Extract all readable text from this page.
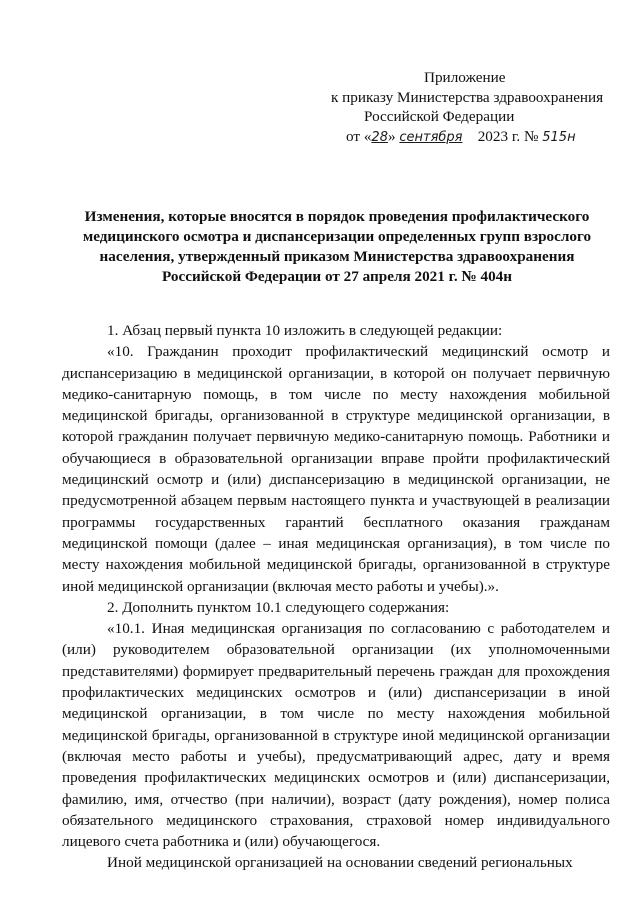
Приложение
к приказу Министерства здравоохранения
Российской Федерации
от «28» сентября 2023 г. № 515н
Изменения, которые вносятся в порядок проведения профилактического
медицинского осмотра и диспансеризации определенных групп взрослого
населения, утвержденный приказом Министерства здравоохранения
Российской Федерации от 27 апреля 2021 г. № 404н

1. Абзац первый пункта 10 изложить в следующей редакции:

«10. Гражданин проходит профилактический медицинский осмотр и диспансеризацию в медицинской организации, в которой он получает первичную медико-санитарную помощь, в том числе по месту нахождения мобильной медицинской бригады, организованной в структуре медицинской организации, в которой гражданин получает первичную медико-санитарную помощь. Работники и обучающиеся в образовательной организации вправе пройти профилактический медицинский осмотр и (или) диспансеризацию в медицинской организации, не предусмотренной абзацем первым настоящего пункта и участвующей в реализации программы государственных гарантий бесплатного оказания гражданам медицинской помощи (далее – иная медицинская организация), в том числе по месту нахождения мобильной медицинской бригады, организованной в структуре иной медицинской организации (включая место работы и учебы).».

2. Дополнить пунктом 10.1 следующего содержания:

«10.1. Иная медицинская организация по согласованию с работодателем и (или) руководителем образовательной организации (их уполномоченными представителями) формирует предварительный перечень граждан для прохождения профилактических медицинских осмотров и (или) диспансеризации в иной медицинской организации, в том числе по месту нахождения мобильной медицинской бригады, организованной в структуре иной медицинской организации (включая место работы и учебы), предусматривающий адрес, дату и время проведения профилактических медицинских осмотров и (или) диспансеризации, фамилию, имя, отчество (при наличии), возраст (дату рождения), номер полиса обязательного медицинского страхования, страховой номер индивидуального лицевого счета работника и (или) обучающегося.

Иной медицинской организацией на основании сведений региональных
